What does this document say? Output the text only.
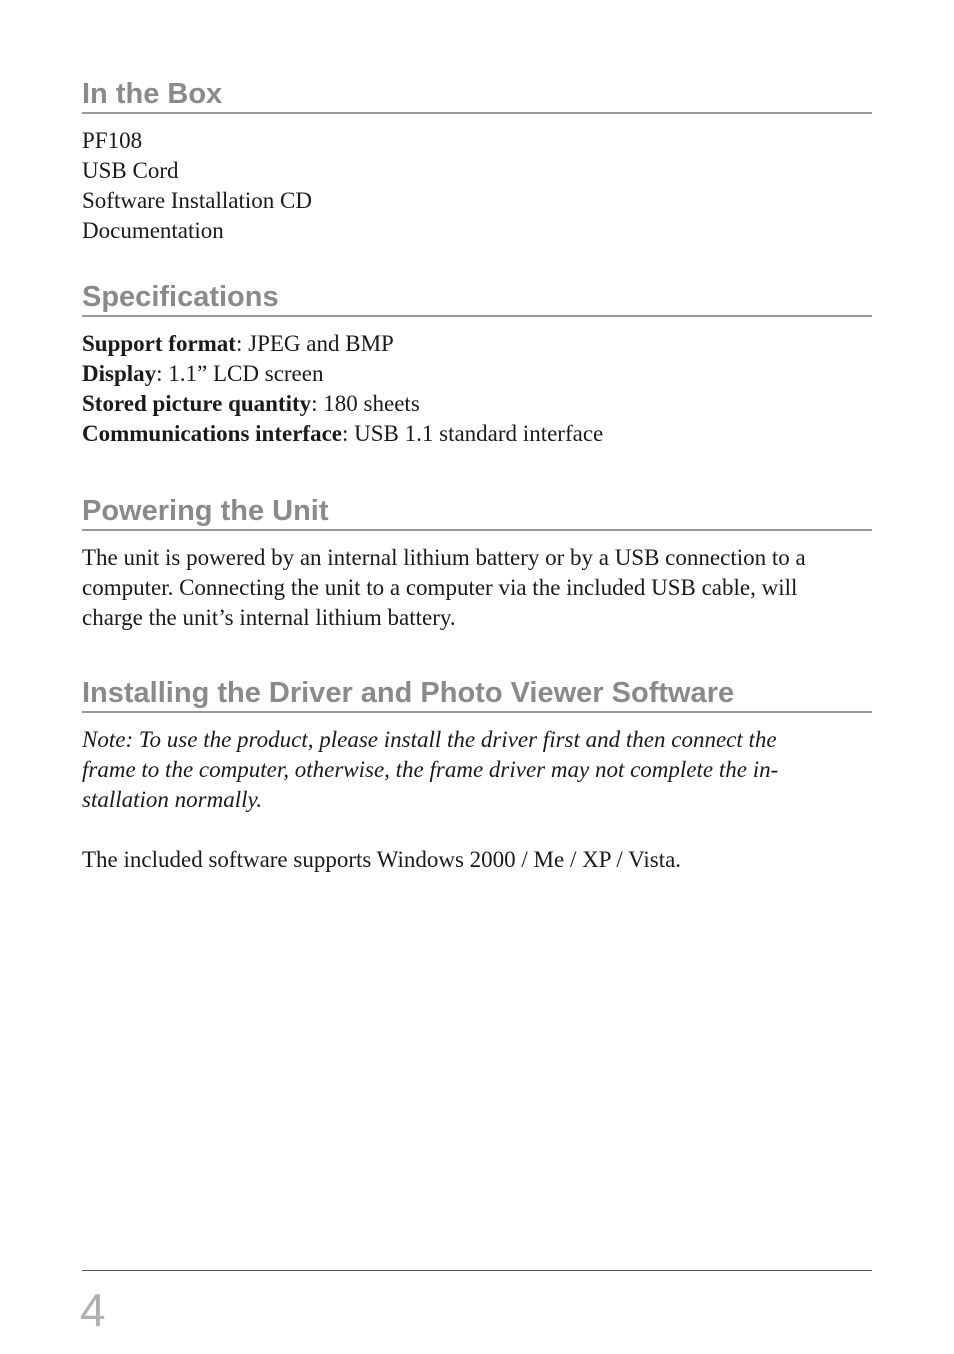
In the Box
PF108
USB Cord
Software Installation CD
Documentation
Specifications
Support format: JPEG and BMP
Display: 1.1” LCD screen
Stored picture quantity: 180 sheets
Communications interface: USB 1.1 standard interface
Powering the Unit
The unit is powered by an internal lithium battery or by a USB connection to a
computer. Connecting the unit to a computer via the included USB cable, will
charge the unit’s internal lithium battery.
Installing the Driver and Photo Viewer Software
Note: To use the product, please install the driver first and then connect the
frame to the computer, otherwise, the frame driver may not complete the in-
stallation normally.
The included software supports Windows 2000 / Me / XP / Vista.
4
